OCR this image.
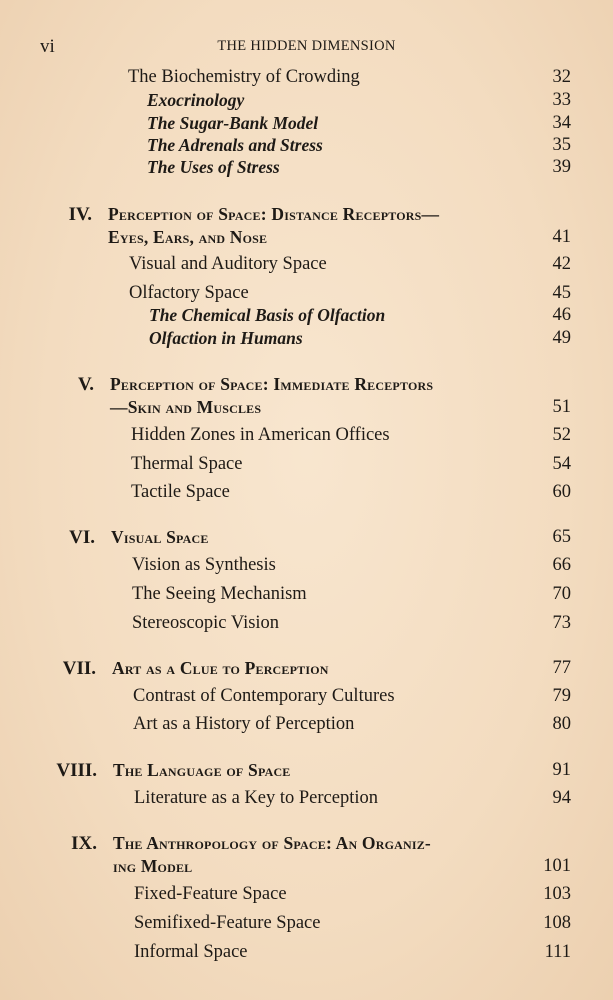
vi	THE HIDDEN DIMENSION
The Biochemistry of Crowding	32
Exocrinology	33
The Sugar-Bank Model	34
The Adrenals and Stress	35
The Uses of Stress	39
IV. Perception of Space: Distance Receptors—
Eyes, Ears, and Nose	41
Visual and Auditory Space	42
Olfactory Space	45
The Chemical Basis of Olfaction	46
Olfaction in Humans	49
V. Perception of Space: Immediate Receptors
—Skin and Muscles	51
Hidden Zones in American Offices	52
Thermal Space	54
Tactile Space	60
VI. Visual Space	65
Vision as Synthesis	66
The Seeing Mechanism	70
Stereoscopic Vision	73
VII. Art as a Clue to Perception	77
Contrast of Contemporary Cultures	79
Art as a History of Perception	80
VIII. The Language of Space	91
Literature as a Key to Perception	94
IX. The Anthropology of Space: An Organiz-
ing Model	101
Fixed-Feature Space	103
Semifixed-Feature Space	108
Informal Space	111
